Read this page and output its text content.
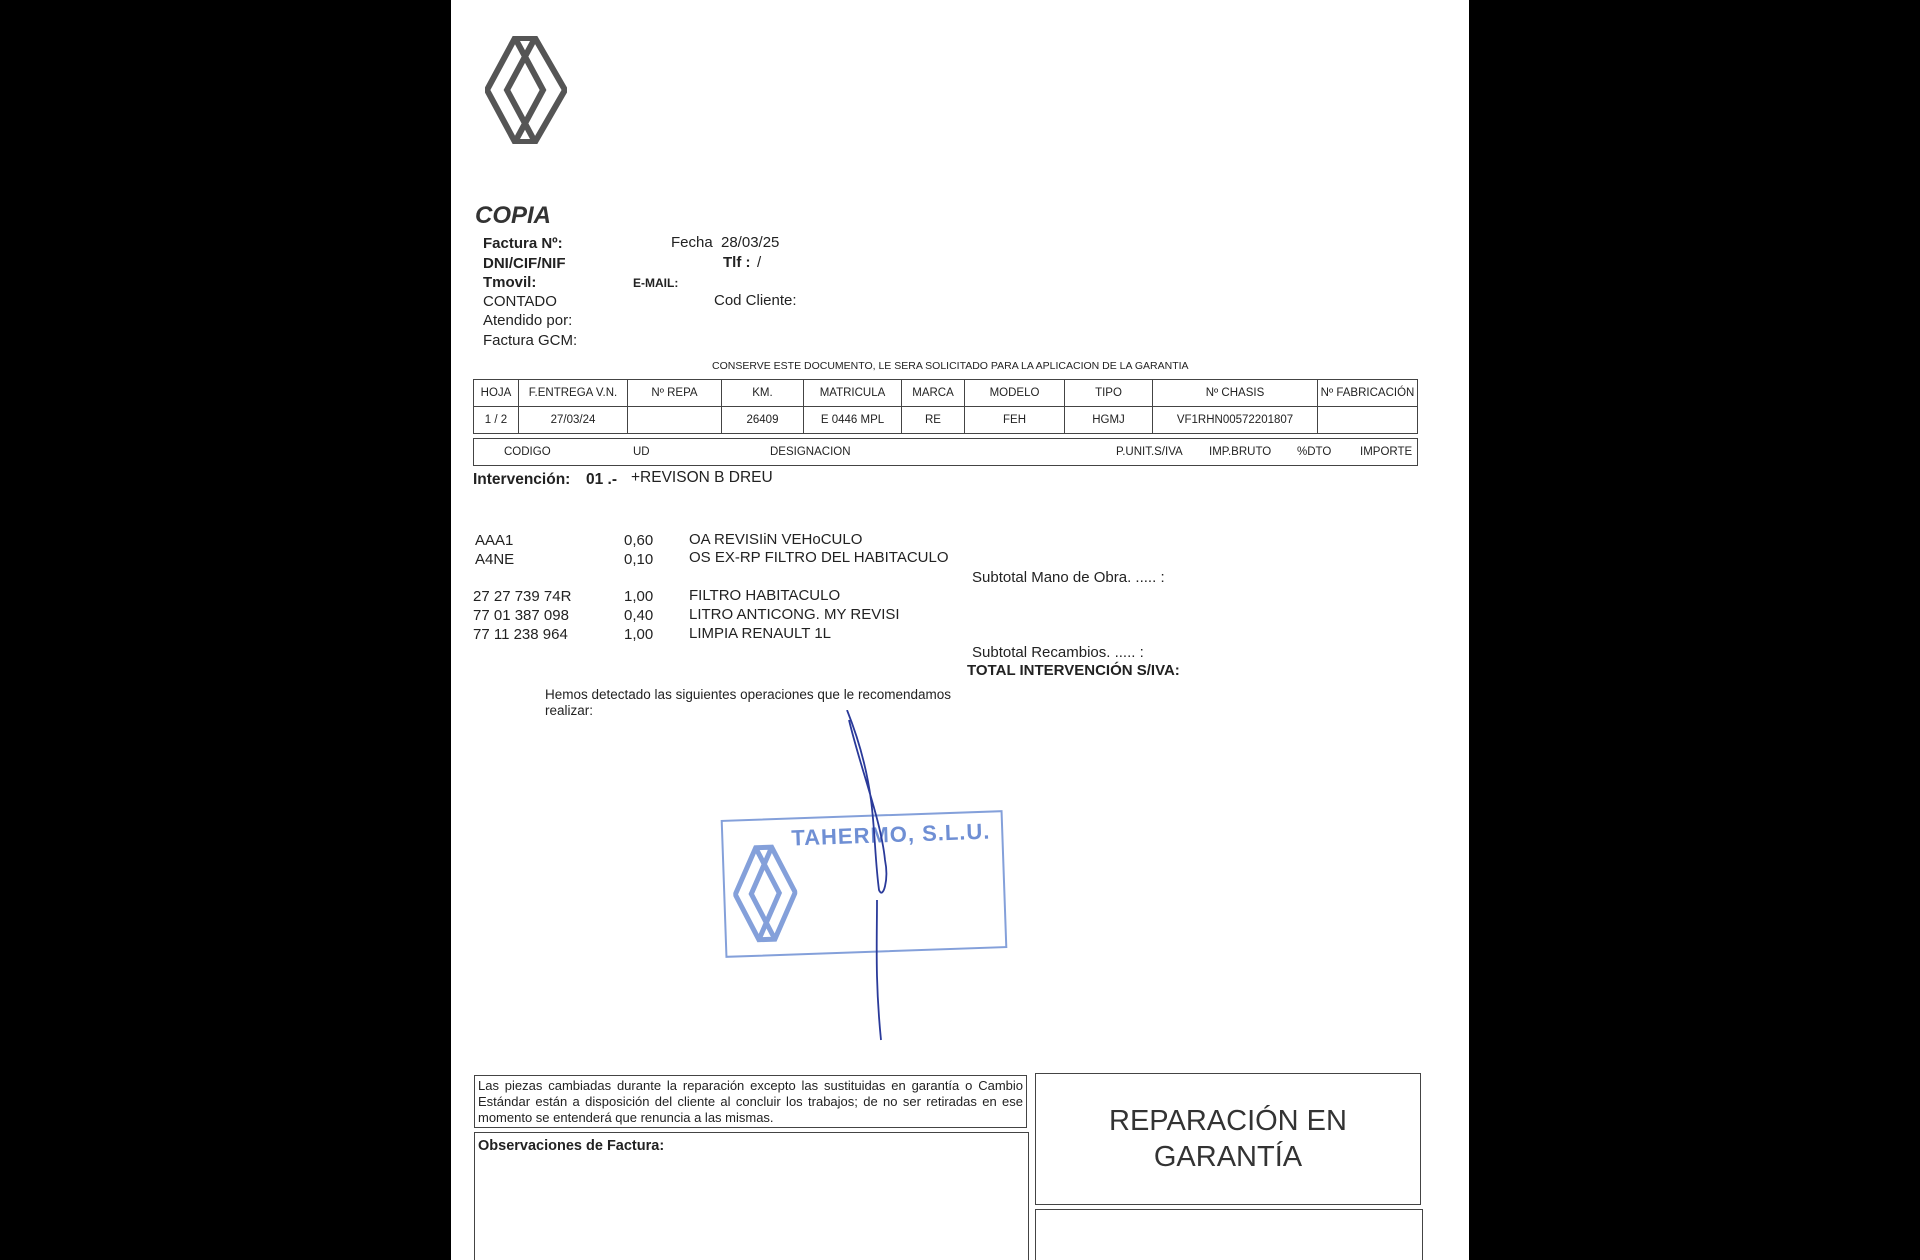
COPIA
Factura Nº:	Fecha 28/03/25
DNI/CIF/NIF	Tlf : /
Tmovil:	E-MAIL:
CONTADO	Cod Cliente:
Atendido por:
Factura GCM:
CONSERVE ESTE DOCUMENTO, LE SERA SOLICITADO PARA LA APLICACION DE LA GARANTIA
HOJA	F.ENTREGA V.N.	Nº REPA	KM.	MATRICULA	MARCA	MODELO	TIPO	Nº CHASIS	Nº FABRICACIÓN
1 / 2	27/03/24		26409	E 0446 MPL	RE	FEH	HGMJ	VF1RHN00572201807	
CODIGO	UD	DESIGNACION	P.UNIT.S/IVA IMP.BRUTO %DTO IMPORTE
Intervención: 01 .- +REVISON B DREU
AAA1	0,60 OA REVISIiN VEHoCULO
A4NE	0,10 OS EX-RP FILTRO DEL HABITACULO
Subtotal Mano de Obra. ..... :
27 27 739 74R	1,00 FILTRO HABITACULO
77 01 387 098	0,40 LITRO ANTICONG. MY REVISI
77 11 238 964	1,00 LIMPIA RENAULT 1L
Subtotal Recambios. ..... :
TOTAL INTERVENCIÓN S/IVA:
Hemos detectado las siguientes operaciones que le recomendamos
realizar:
TAHERMO, S.L.U.
Las piezas cambiadas durante la reparación excepto las sustituidas en garantía o Cambio Estándar están a disposición del cliente al concluir los trabajos; de no ser retiradas en ese momento se entenderá que renuncia a las mismas.
Observaciones de Factura:
REPARACIÓN EN
GARANTÍA
